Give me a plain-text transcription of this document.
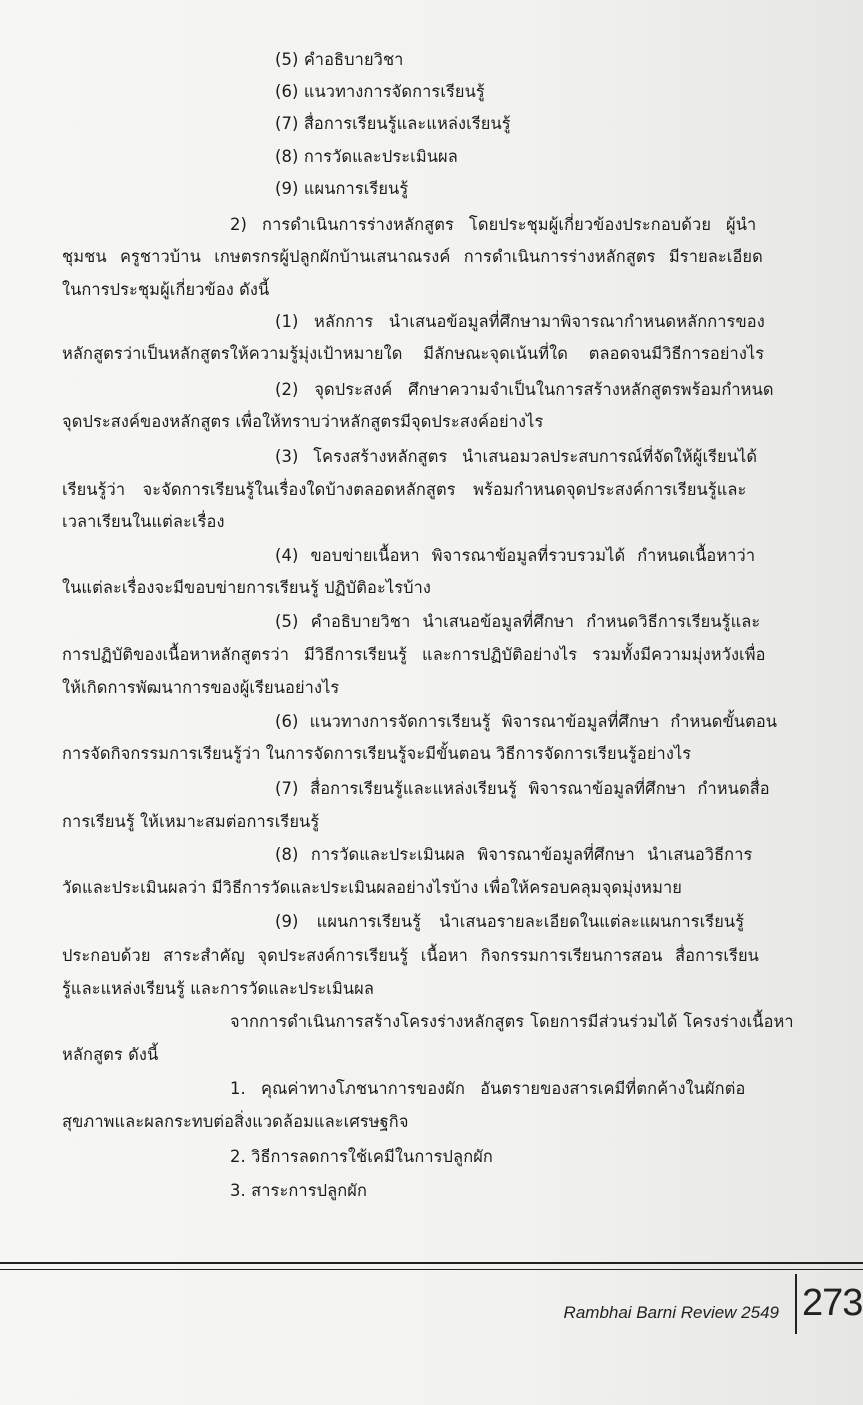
(5) คำอธิบายวิชา
(6) แนวทางการจัดการเรียนรู้
(7) สื่อการเรียนรู้และแหล่งเรียนรู้
(8) การวัดและประเมินผล
(9) แผนการเรียนรู้
2) การดำเนินการร่างหลักสูตร โดยประชุมผู้เกี่ยวข้องประกอบด้วย ผู้นำ
ชุมชน ครูชาวบ้าน เกษตรกรผู้ปลูกผักบ้านเสนาณรงค์ การดำเนินการร่างหลักสูตร มีรายละเอียด
ในการประชุมผู้เกี่ยวข้อง ดังนี้
(1) หลักการ นำเสนอข้อมูลที่ศึกษามาพิจารณากำหนดหลักการของ
หลักสูตรว่าเป็นหลักสูตรให้ความรู้มุ่งเป้าหมายใด มีลักษณะจุดเน้นที่ใด ตลอดจนมีวิธีการอย่างไร
(2) จุดประสงค์ ศึกษาความจำเป็นในการสร้างหลักสูตรพร้อมกำหนด
จุดประสงค์ของหลักสูตร เพื่อให้ทราบว่าหลักสูตรมีจุดประสงค์อย่างไร
(3) โครงสร้างหลักสูตร นำเสนอมวลประสบการณ์ที่จัดให้ผู้เรียนได้
เรียนรู้ว่า จะจัดการเรียนรู้ในเรื่องใดบ้างตลอดหลักสูตร พร้อมกำหนดจุดประสงค์การเรียนรู้และ
เวลาเรียนในแต่ละเรื่อง
(4) ขอบข่ายเนื้อหา พิจารณาข้อมูลที่รวบรวมได้ กำหนดเนื้อหาว่า
ในแต่ละเรื่องจะมีขอบข่ายการเรียนรู้ ปฏิบัติอะไรบ้าง
(5) คำอธิบายวิชา นำเสนอข้อมูลที่ศึกษา กำหนดวิธีการเรียนรู้และ
การปฏิบัติของเนื้อหาหลักสูตรว่า มีวิธีการเรียนรู้ และการปฏิบัติอย่างไร รวมทั้งมีความมุ่งหวังเพื่อ
ให้เกิดการพัฒนาการของผู้เรียนอย่างไร
(6) แนวทางการจัดการเรียนรู้ พิจารณาข้อมูลที่ศึกษา กำหนดขั้นตอน
การจัดกิจกรรมการเรียนรู้ว่า ในการจัดการเรียนรู้จะมีขั้นตอน วิธีการจัดการเรียนรู้อย่างไร
(7) สื่อการเรียนรู้และแหล่งเรียนรู้ พิจารณาข้อมูลที่ศึกษา กำหนดสื่อ
การเรียนรู้ ให้เหมาะสมต่อการเรียนรู้
(8) การวัดและประเมินผล พิจารณาข้อมูลที่ศึกษา นำเสนอวิธีการ
วัดและประเมินผลว่า มีวิธีการวัดและประเมินผลอย่างไรบ้าง เพื่อให้ครอบคลุมจุดมุ่งหมาย
(9) แผนการเรียนรู้ นำเสนอรายละเอียดในแต่ละแผนการเรียนรู้
ประกอบด้วย สาระสำคัญ จุดประสงค์การเรียนรู้ เนื้อหา กิจกรรมการเรียนการสอน สื่อการเรียน
รู้และแหล่งเรียนรู้ และการวัดและประเมินผล
จากการดำเนินการสร้างโครงร่างหลักสูตร โดยการมีส่วนร่วมได้ โครงร่างเนื้อหา
หลักสูตร ดังนี้
1. คุณค่าทางโภชนาการของผัก อันตรายของสารเคมีที่ตกค้างในผักต่อ
สุขภาพและผลกระทบต่อสิ่งแวดล้อมและเศรษฐกิจ
2. วิธีการลดการใช้เคมีในการปลูกผัก
3. สาระการปลูกผัก
Rambhai Barni Review 2549 273
